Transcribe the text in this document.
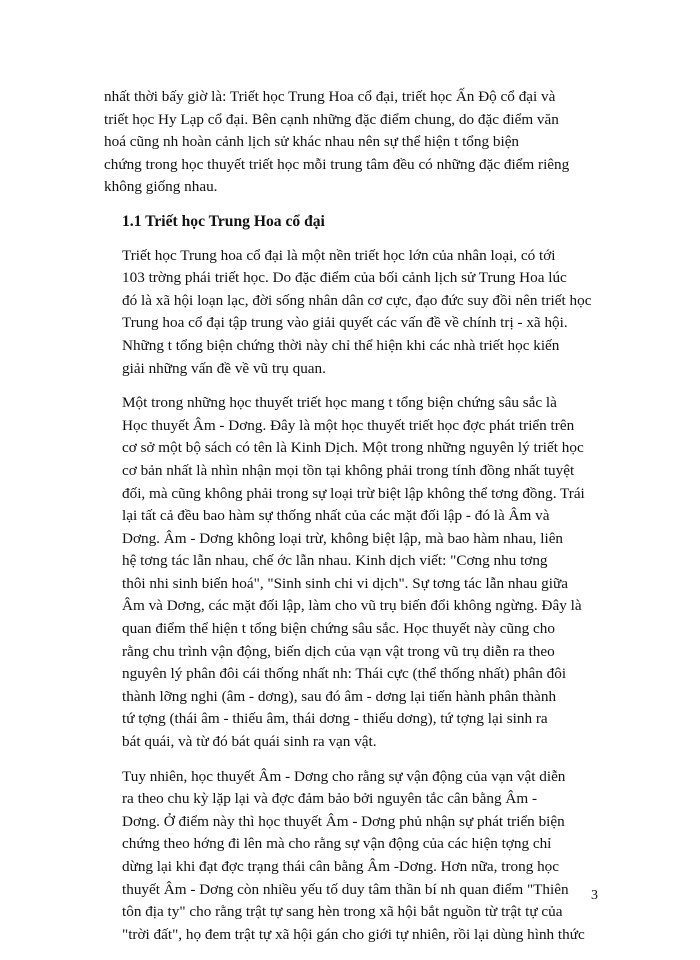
nhất thời bấy giờ là: Triết học Trung Hoa cổ đại, triết học Ấn Độ cổ đại và
triết học Hy Lạp cổ đại. Bên cạnh những đặc điểm chung, do đặc điểm văn
hoá cũng nh hoàn cảnh lịch sử khác nhau nên sự thể hiện t tổng biện
chứng trong học thuyết triết học mỗi trung tâm đều có những đặc điểm riêng
không giống nhau.

1.1 Triết học Trung Hoa cổ đại

Triết học Trung hoa cổ đại là một nền triết học lớn của nhân loại, có tới
103 trờng phái triết học. Do đặc điểm của bối cảnh lịch sử Trung Hoa lúc
đó là xã hội loạn lạc, đời sống nhân dân cơ cực, đạo đức suy đồi nên triết học
Trung hoa cổ đại tập trung vào giải quyết các vấn đề về chính trị - xã hội.
Những t tổng biện chứng thời này chỉ thể hiện khi các nhà triết học kiến
giải những vấn đề về vũ trụ quan.

Một trong những học thuyết triết học mang t tổng biện chứng sâu sắc là
Học thuyết Âm - Dơng. Đây là một học thuyết triết học đợc phát triển trên
cơ sở một bộ sách có tên là Kinh Dịch. Một trong những nguyên lý triết học
cơ bản nhất là nhìn nhận mọi tồn tại không phải trong tính đồng nhất tuyệt
đối, mà cũng không phải trong sự loại trừ biệt lập không thể tơng đồng. Trái
lại tất cả đều bao hàm sự thống nhất của các mặt đối lập - đó là Âm và
Dơng. Âm - Dơng không loại trừ, không biệt lập, mà bao hàm nhau, liên
hệ tơng tác lẫn nhau, chế ớc lẫn nhau. Kinh dịch viết: "Cơng nhu tơng
thôi nhi sinh biến hoá", "Sinh sinh chi vi dịch". Sự tơng tác lẫn nhau giữa
Âm và Dơng, các mặt đối lập, làm cho vũ trụ biến đổi không ngừng. Đây là
quan điểm thể hiện t tổng biện chứng sâu sắc. Học thuyết này cũng cho
rằng chu trình vận động, biến dịch của vạn vật trong vũ trụ diễn ra theo
nguyên lý phân đôi cái thống nhất nh: Thái cực (thể thống nhất) phân đôi
thành lỡng nghi (âm - dơng), sau đó âm - dơng lại tiến hành phân thành
tứ tợng (thái âm - thiếu âm, thái dơng - thiếu dơng), tứ tợng lại sinh ra
bát quái, và từ đó bát quái sinh ra vạn vật.

Tuy nhiên, học thuyết Âm - Dơng cho rằng sự vận động của vạn vật diễn
ra theo chu kỳ lặp lại và đợc đảm bảo bởi nguyên tắc cân bằng Âm -
Dơng. Ở điểm này thì học thuyết Âm - Dơng phủ nhận sự phát triển biện
chứng theo hớng đi lên mà cho rằng sự vận động của các hiện tợng chỉ
dừng lại khi đạt đợc trạng thái cân bằng Âm -Dơng. Hơn nữa, trong học
thuyết Âm - Dơng còn nhiều yếu tố duy tâm thần bí nh quan điểm "Thiên
tôn địa ty" cho rằng trật tự sang hèn trong xã hội bắt nguồn từ trật tự của
"trời đất", họ đem trật tự xã hội gán cho giới tự nhiên, rồi lại dùng hình thức

3
